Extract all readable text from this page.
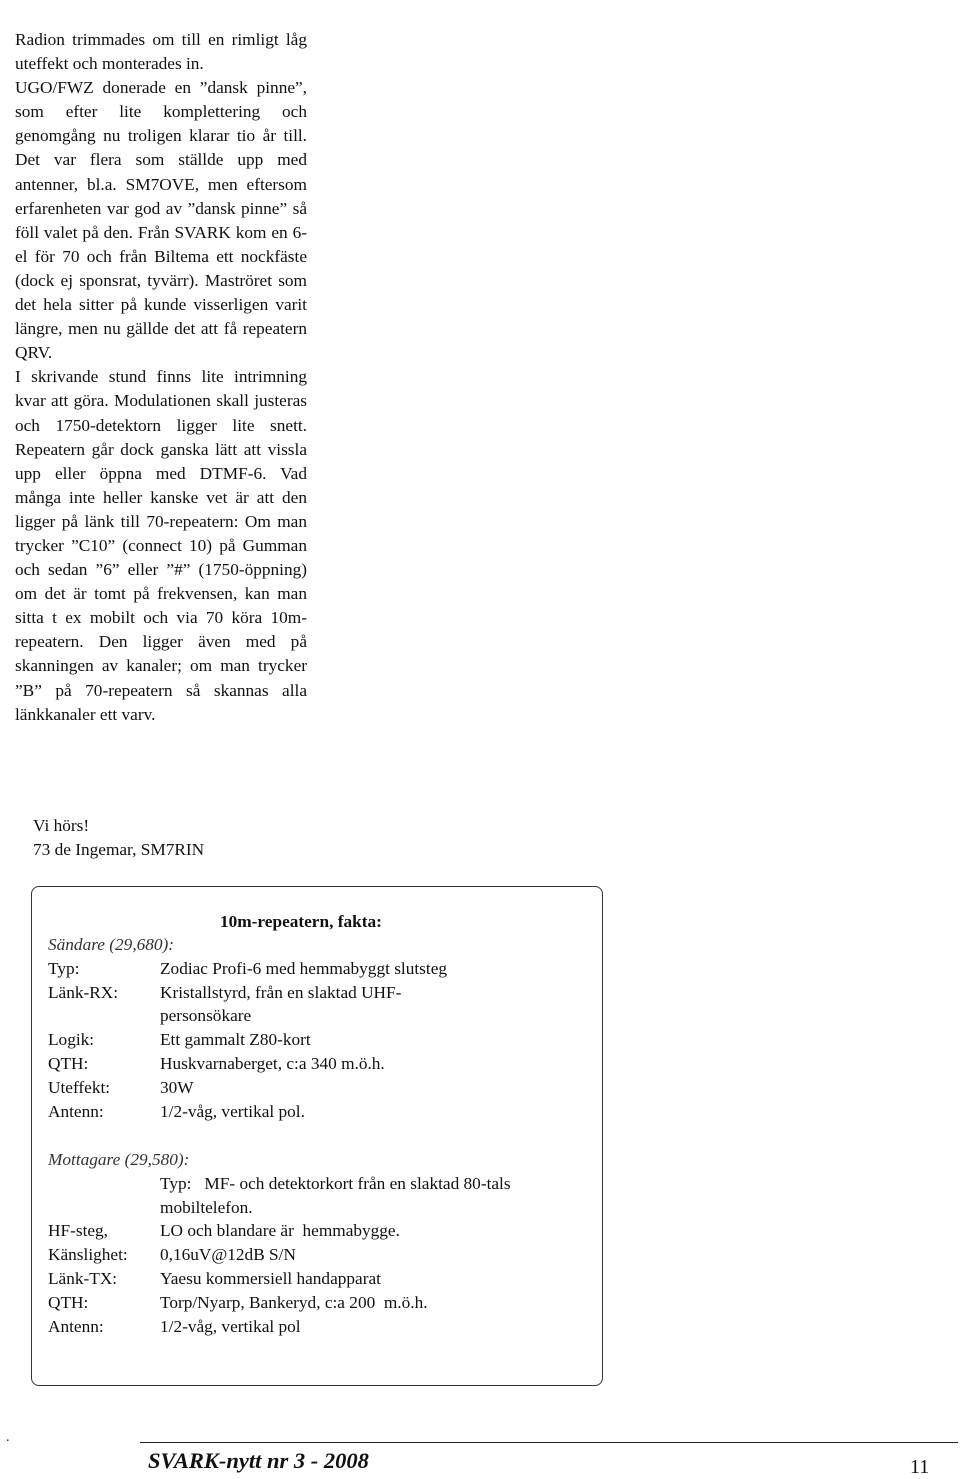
Radion trimmades om till en rimligt låg uteffekt och monterades in.

UGO/FWZ donerade en ”dansk pinne”, som efter lite komplettering och genomgång nu troligen klarar tio år till. Det var flera som ställde upp med antenner, bl.a. SM7OVE, men eftersom erfarenheten var god av ”dansk pinne” så föll valet på den. Från SVARK kom en 6-el för 70 och från Biltema ett nockfäste (dock ej sponsrat, tyvärr). Maströret som det hela sitter på kunde visserligen varit längre, men nu gällde det att få repeatern QRV.

I skrivande stund finns lite intrimning kvar att göra. Modulationen skall justeras och 1750-detektorn ligger lite snett. Repeatern går dock ganska lätt att vissla upp eller öppna med DTMF-6. Vad många inte heller kanske vet är att den ligger på länk till 70-repeatern: Om man trycker ”C10” (connect 10) på Gumman och sedan ”6” eller ”#” (1750-öppning) om det är tomt på frekvensen, kan man sitta t ex mobilt och via 70 köra 10m-repeatern. Den ligger även med på skanningen av kanaler; om man trycker ”B” på 70-repeatern så skannas alla länkkanaler ett varv.

Vi hörs!
73 de Ingemar, SM7RIN
10m-repeatern, fakta:
Sändare (29,680):
Typ:	Zodiac Profi-6 med hemmabyggt slutsteg
Länk-RX:	Kristallstyrd, från en slaktad UHF-personsökare
Logik:	Ett gammalt Z80-kort
QTH:	Huskvarnaberget, c:a 340 m.ö.h.
Uteffekt:	30W
Antenn:	1/2-våg, vertikal pol.
Mottagare (29,580):
Typ:   MF- och detektorkort från en slaktad 80-tals mobiltelefon.
HF-steg,	LO och blandare är  hemmabygge.
Känslighet:	0,16uV@12dB S/N
Länk-TX:	Yaesu kommersiell handapparat
QTH:	Torp/Nyarp, Bankeryd, c:a 200  m.ö.h.
Antenn:	1/2-våg, vertikal pol
.
SVARK-nytt nr 3 - 2008	11
